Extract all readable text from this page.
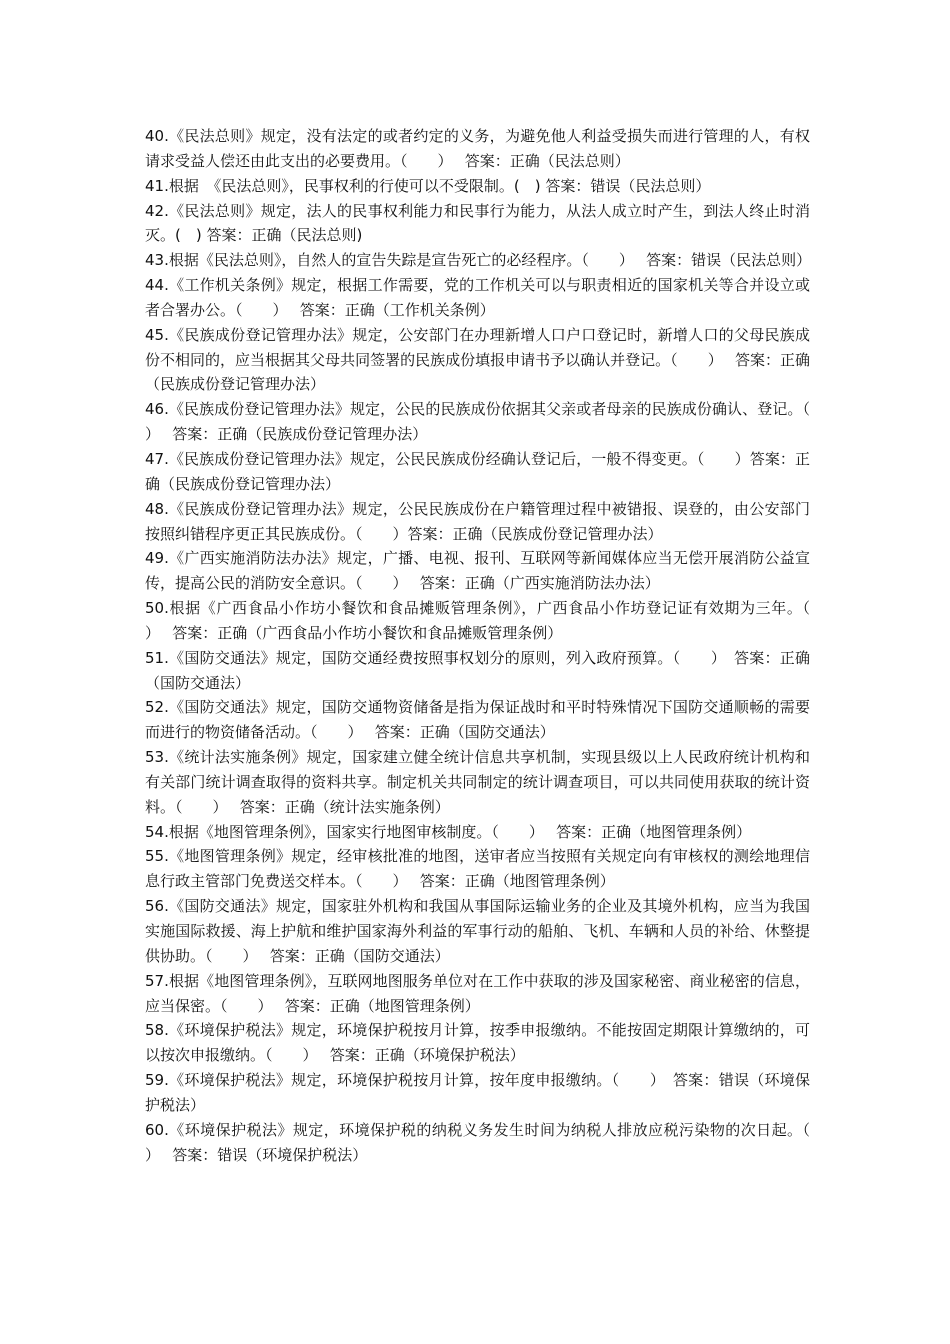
40.《民法总则》规定，没有法定的或者约定的义务，为避免他人利益受损失而进行管理的人，有权请求受益人偿还由此支出的必要费用。（　　）　 答案：正确（民法总则）

41.根据　《民法总则》，民事权利的行使可以不受限制。(　) 答案：错误（民法总则）

42.《民法总则》规定，法人的民事权利能力和民事行为能力，从法人成立时产生，到法人终止时消灭。(　) 答案：正确（民法总则)

43.根据《民法总则》，自然人的宣告失踪是宣告死亡的必经程序。（　　）　 答案：错误（民法总则）

44.《工作机关条例》规定，根据工作需要，党的工作机关可以与职责相近的国家机关等合并设立或者合署办公。（　　）　 答案：正确（工作机关条例）

45.《民族成份登记管理办法》规定，公安部门在办理新增人口户口登记时，新增人口的父母民族成份不相同的，应当根据其父母共同签署的民族成份填报申请书予以确认并登记。（　　）　 答案：正确（民族成份登记管理办法）

46.《民族成份登记管理办法》规定，公民的民族成份依据其父亲或者母亲的民族成份确认、登记。（　　）　 答案：正确（民族成份登记管理办法）

47.《民族成份登记管理办法》规定，公民民族成份经确认登记后，一般不得变更。（　　）答案：正确（民族成份登记管理办法）

48.《民族成份登记管理办法》规定，公民民族成份在户籍管理过程中被错报、误登的，由公安部门按照纠错程序更正其民族成份。（　　）答案：正确（民族成份登记管理办法）

49.《广西实施消防法办法》规定，广播、电视、报刊、互联网等新闻媒体应当无偿开展消防公益宣传，提高公民的消防安全意识。（　　）　 答案：正确（广西实施消防法办法）

50.根据《广西食品小作坊小餐饮和食品摊贩管理条例》，广西食品小作坊登记证有效期为三年。（　　）　 答案：正确（广西食品小作坊小餐饮和食品摊贩管理条例）

51.《国防交通法》规定，国防交通经费按照事权划分的原则，列入政府预算。（　　）　答案：正确（国防交通法）

52.《国防交通法》规定，国防交通物资储备是指为保证战时和平时特殊情况下国防交通顺畅的需要而进行的物资储备活动。（　　）　 答案：正确（国防交通法）

53.《统计法实施条例》规定，国家建立健全统计信息共享机制，实现县级以上人民政府统计机构和有关部门统计调查取得的资料共享。制定机关共同制定的统计调查项目，可以共同使用获取的统计资料。（　　）　 答案：正确（统计法实施条例）

54.根据《地图管理条例》，国家实行地图审核制度。（　　）　 答案：正确（地图管理条例）

55.《地图管理条例》规定，经审核批准的地图，送审者应当按照有关规定向有审核权的测绘地理信息行政主管部门免费送交样本。（　　）　 答案：正确（地图管理条例）

56.《国防交通法》规定，国家驻外机构和我国从事国际运输业务的企业及其境外机构，应当为我国实施国际救援、海上护航和维护国家海外利益的军事行动的船舶、飞机、车辆和人员的补给、休整提供协助。（　　）　 答案：正确（国防交通法）

57.根据《地图管理条例》，互联网地图服务单位对在工作中获取的涉及国家秘密、商业秘密的信息，应当保密。（　　）　 答案：正确（地图管理条例）

58.《环境保护税法》规定，环境保护税按月计算，按季申报缴纳。不能按固定期限计算缴纳的，可以按次申报缴纳。（　　）　 答案：正确（环境保护税法）

59.《环境保护税法》规定，环境保护税按月计算，按年度申报缴纳。（　　）　答案：错误（环境保护税法）

60.《环境保护税法》规定，环境保护税的纳税义务发生时间为纳税人排放应税污染物的次日起。（　　）　 答案：错误（环境保护税法）
